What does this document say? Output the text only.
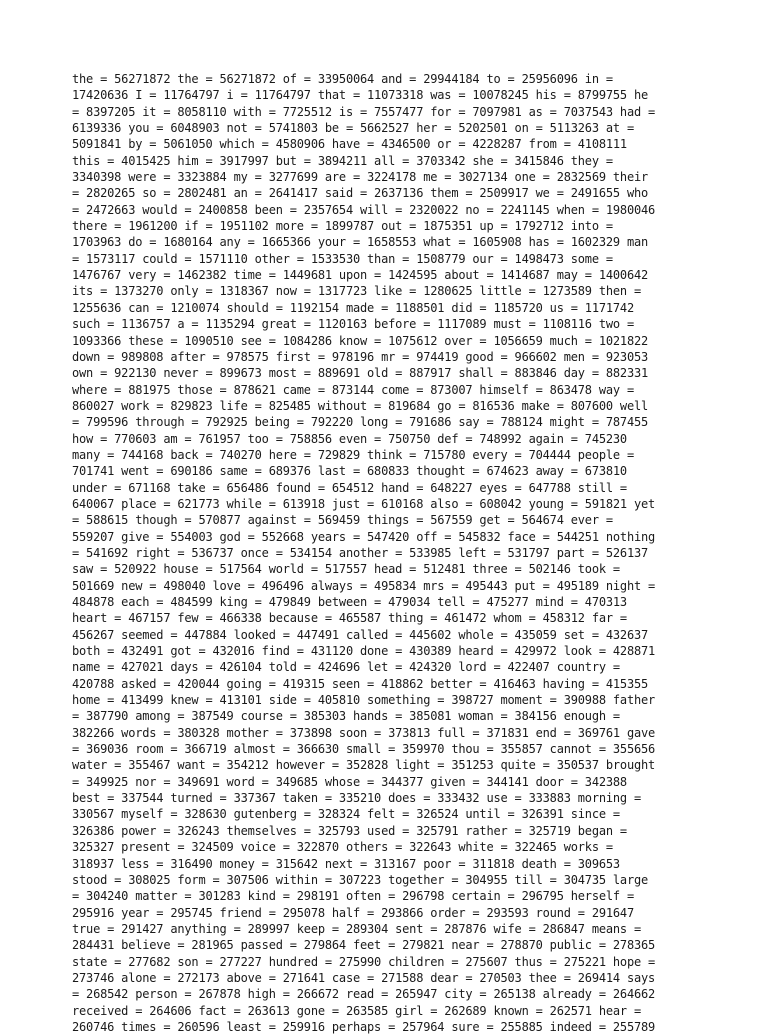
the = 56271872 the = 56271872 of = 33950064 and = 29944184 to = 25956096 in =
17420636 I = 11764797 i = 11764797 that = 11073318 was = 10078245 his = 8799755 he
= 8397205 it = 8058110 with = 7725512 is = 7557477 for = 7097981 as = 7037543 had =
6139336 you = 6048903 not = 5741803 be = 5662527 her = 5202501 on = 5113263 at =
5091841 by = 5061050 which = 4580906 have = 4346500 or = 4228287 from = 4108111
this = 4015425 him = 3917997 but = 3894211 all = 3703342 she = 3415846 they =
3340398 were = 3323884 my = 3277699 are = 3224178 me = 3027134 one = 2832569 their
= 2820265 so = 2802481 an = 2641417 said = 2637136 them = 2509917 we = 2491655 who
= 2472663 would = 2400858 been = 2357654 will = 2320022 no = 2241145 when = 1980046
there = 1961200 if = 1951102 more = 1899787 out = 1875351 up = 1792712 into =
1703963 do = 1680164 any = 1665366 your = 1658553 what = 1605908 has = 1602329 man
= 1573117 could = 1571110 other = 1533530 than = 1508779 our = 1498473 some =
1476767 very = 1462382 time = 1449681 upon = 1424595 about = 1414687 may = 1400642
its = 1373270 only = 1318367 now = 1317723 like = 1280625 little = 1273589 then =
1255636 can = 1210074 should = 1192154 made = 1188501 did = 1185720 us = 1171742
such = 1136757 a = 1135294 great = 1120163 before = 1117089 must = 1108116 two =
1093366 these = 1090510 see = 1084286 know = 1075612 over = 1056659 much = 1021822
down = 989808 after = 978575 first = 978196 mr = 974419 good = 966602 men = 923053
own = 922130 never = 899673 most = 889691 old = 887917 shall = 883846 day = 882331
where = 881975 those = 878621 came = 873144 come = 873007 himself = 863478 way =
860027 work = 829823 life = 825485 without = 819684 go = 816536 make = 807600 well
= 799596 through = 792925 being = 792220 long = 791686 say = 788124 might = 787455
how = 770603 am = 761957 too = 758856 even = 750750 def = 748992 again = 745230
many = 744168 back = 740270 here = 729829 think = 715780 every = 704444 people =
701741 went = 690186 same = 689376 last = 680833 thought = 674623 away = 673810
under = 671168 take = 656486 found = 654512 hand = 648227 eyes = 647788 still =
640067 place = 621773 while = 613918 just = 610168 also = 608042 young = 591821 yet
= 588615 though = 570877 against = 569459 things = 567559 get = 564674 ever =
559207 give = 554003 god = 552668 years = 547420 off = 545832 face = 544251 nothing
= 541692 right = 536737 once = 534154 another = 533985 left = 531797 part = 526137
saw = 520922 house = 517564 world = 517557 head = 512481 three = 502146 took =
501669 new = 498040 love = 496496 always = 495834 mrs = 495443 put = 495189 night =
484878 each = 484599 king = 479849 between = 479034 tell = 475277 mind = 470313
heart = 467157 few = 466338 because = 465587 thing = 461472 whom = 458312 far =
456267 seemed = 447884 looked = 447491 called = 445602 whole = 435059 set = 432637
both = 432491 got = 432016 find = 431120 done = 430389 heard = 429972 look = 428871
name = 427021 days = 426104 told = 424696 let = 424320 lord = 422407 country =
420788 asked = 420044 going = 419315 seen = 418862 better = 416463 having = 415355
home = 413499 knew = 413101 side = 405810 something = 398727 moment = 390988 father
= 387790 among = 387549 course = 385303 hands = 385081 woman = 384156 enough =
382266 words = 380328 mother = 373898 soon = 373813 full = 371831 end = 369761 gave
= 369036 room = 366719 almost = 366630 small = 359970 thou = 355857 cannot = 355656
water = 355467 want = 354212 however = 352828 light = 351253 quite = 350537 brought
= 349925 nor = 349691 word = 349685 whose = 344377 given = 344141 door = 342388
best = 337544 turned = 337367 taken = 335210 does = 333432 use = 333883 morning =
330567 myself = 328630 gutenberg = 328324 felt = 326524 until = 326391 since =
326386 power = 326243 themselves = 325793 used = 325791 rather = 325719 began =
325327 present = 324509 voice = 322870 others = 322643 white = 322465 works =
318937 less = 316490 money = 315642 next = 313167 poor = 311818 death = 309653
stood = 308025 form = 307506 within = 307223 together = 304955 till = 304735 large
= 304240 matter = 301283 kind = 298191 often = 296798 certain = 296795 herself =
295916 year = 295745 friend = 295078 half = 293866 order = 293593 round = 291647
true = 291427 anything = 289997 keep = 289304 sent = 287876 wife = 286847 means =
284431 believe = 281965 passed = 279864 feet = 279821 near = 278870 public = 278365
state = 277682 son = 277227 hundred = 275990 children = 275607 thus = 275221 hope =
273746 alone = 272173 above = 271641 case = 271588 dear = 270503 thee = 269414 says
= 268542 person = 267878 high = 266672 read = 265947 city = 265138 already = 264662
received = 264606 fact = 263613 gone = 263585 girl = 262689 known = 262571 hear =
260746 times = 260596 least = 259916 perhaps = 257964 sure = 255885 indeed = 255789
